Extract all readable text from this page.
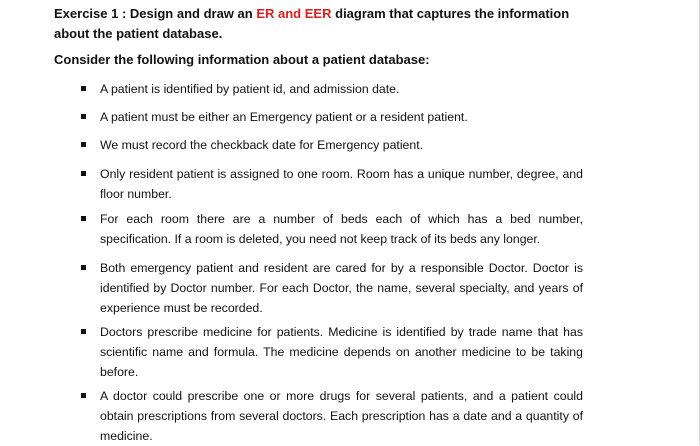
Exercise 1 : Design and draw an ER and EER diagram that captures the information about the patient database.
Consider the following information about a patient database:
A patient is identified by patient id, and admission date.
A patient must be either an Emergency patient or a resident patient.
We must record the checkback date for Emergency patient.
Only resident patient is assigned to one room. Room has a unique number, degree, and floor number.
For each room there are a number of beds each of which has a bed number, specification. If a room is deleted, you need not keep track of its beds any longer.
Both emergency patient and resident are cared for by a responsible Doctor. Doctor is identified by Doctor number. For each Doctor, the name, several specialty, and years of experience must be recorded.
Doctors prescribe medicine for patients. Medicine is identified by trade name that has scientific name and formula. The medicine depends on another medicine to be taking before.
A doctor could prescribe one or more drugs for several patients, and a patient could obtain prescriptions from several doctors. Each prescription has a date and a quantity of medicine.
